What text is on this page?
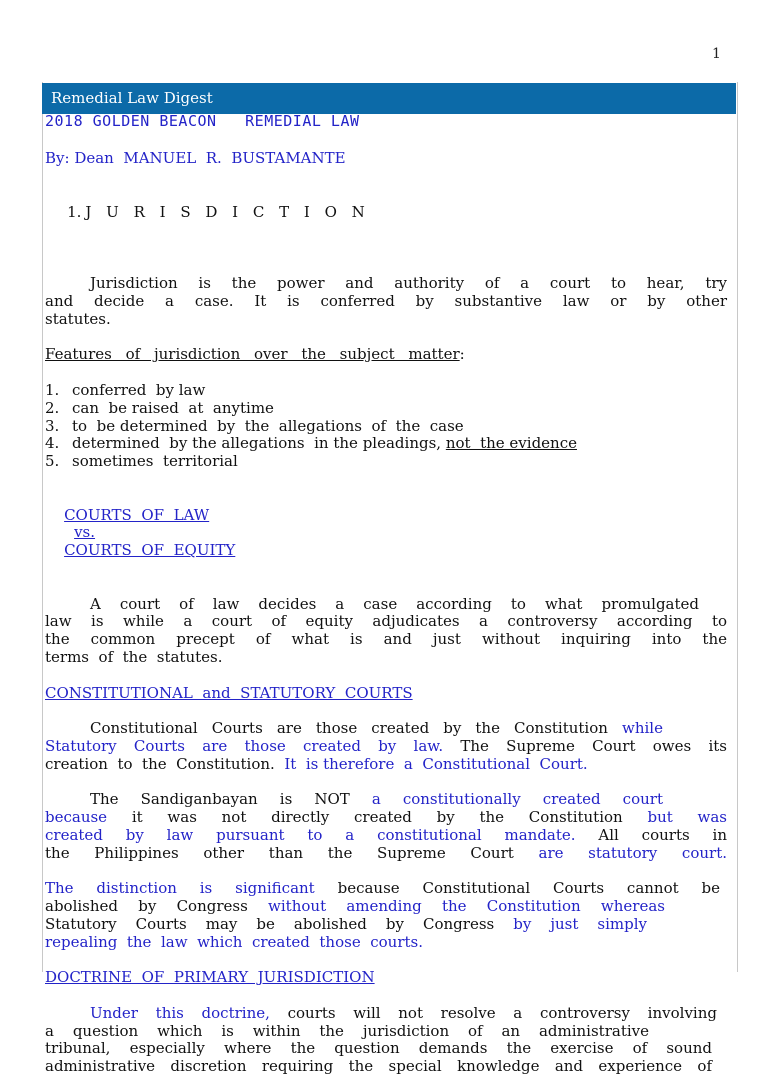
1
Remedial Law Digest
2018 GOLDEN BEACON   REMEDIAL LAW
By: Dean  MANUEL  R.  BUSTAMANTE

1. J U R I S D I C T I O N

Jurisdiction is the power and authority of a court to hear, try
and decide a case. It is conferred by substantive law or by other
statutes.
Features of jurisdiction over the subject matter:
1. conferred  by law
2. can  be raised  at  anytime
3. to  be determined  by  the  allegations  of  the  case
4. determined  by the allegations  in the pleadings, not  the evidence
5. sometimes  territorial

COURTS  OF  LAW
vs.
COURTS  OF  EQUITY

A court of law decides a case according to what promulgated
law is while a court of equity adjudicates a controversy according to
the common precept of what is and just without inquiring into the
terms  of  the  statutes.
CONSTITUTIONAL  and  STATUTORY  COURTS
Constitutional Courts are those created by the Constitution while
Statutory Courts are those created by law. The Supreme Court owes its
creation  to  the  Constitution. It  is therefore  a  Constitutional  Court.
The Sandiganbayan is NOT a constitutionally created court
because it was not directly created by the Constitution but was
created by law pursuant to a constitutional mandate. All courts in
the Philippines other than the Supreme Court are statutory court.
The distinction is significant because Constitutional Courts cannot be
abolished by Congress without amending the Constitution whereas
Statutory Courts may be abolished by Congress by just simply
repealing  the  law  which  created  those  courts.
DOCTRINE  OF  PRIMARY  JURISDICTION
Under this doctrine, courts will not resolve a controversy involving
a question which is within the jurisdiction of an administrative
tribunal, especially where the question demands the exercise of sound
administrative discretion requiring the special knowledge and experience of
